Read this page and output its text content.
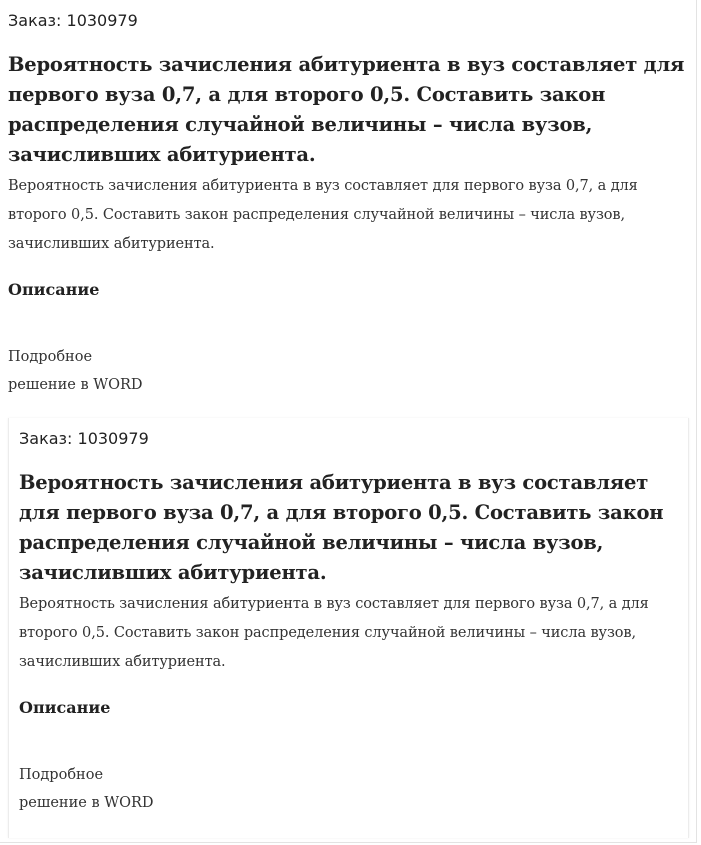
Заказ: 1030979

Вероятность зачисления абитуриента в вуз составляет для первого вуза 0,7, а для второго 0,5. Составить закон распределения случайной величины – числа вузов, зачисливших абитуриента.

Вероятность зачисления абитуриента в вуз составляет для первого вуза 0,7, а для второго 0,5. Составить закон распределения случайной величины – числа вузов, зачисливших абитуриента.

Описание
Подробное
решение в WORD

Заказ: 1030979

Вероятность зачисления абитуриента в вуз составляет для первого вуза 0,7, а для второго 0,5. Составить закон распределения случайной величины – числа вузов, зачисливших абитуриента.

Вероятность зачисления абитуриента в вуз составляет для первого вуза 0,7, а для второго 0,5. Составить закон распределения случайной величины – числа вузов, зачисливших абитуриента.

Описание
Подробное
решение в WORD
